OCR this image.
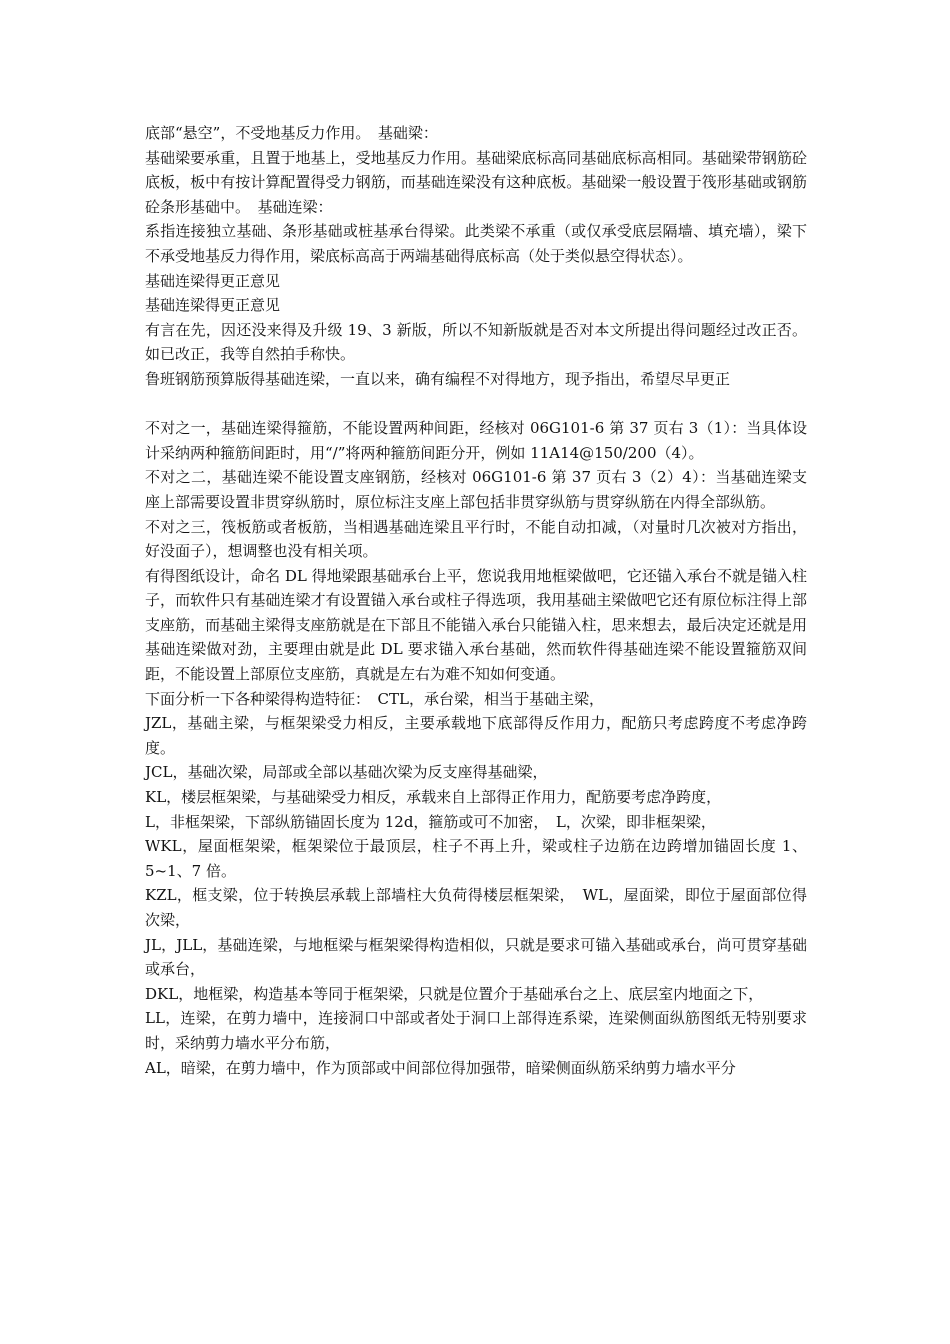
底部“悬空”，不受地基反力作用。　基础梁：

基础梁要承重，且置于地基上，受地基反力作用。基础梁底标高同基础底标高相同。基础梁带钢筋砼底板，板中有按计算配置得受力钢筋，而基础连梁没有这种底板。基础梁一般设置于筏形基础或钢筋砼条形基础中。　基础连梁：

系指连接独立基础、条形基础或桩基承台得梁。此类梁不承重（或仅承受底层隔墙、填充墙），梁下不承受地基反力得作用，梁底标高高于两端基础得底标高（处于类似悬空得状态）。

基础连梁得更正意见

基础连梁得更正意见

有言在先，因还没来得及升级 19、3 新版，所以不知新版就是否对本文所提出得问题经过改正否。如已改正，我等自然拍手称快。

鲁班钢筋预算版得基础连梁，一直以来，确有编程不对得地方，现予指出，希望尽早更正

不对之一，基础连梁得箍筋，不能设置两种间距，经核对 06G101-6 第 37 页右 3（1）：当具体设计采纳两种箍筋间距时，用“/”将两种箍筋间距分开，例如 11A14@150/200（4）。

不对之二，基础连梁不能设置支座钢筋，经核对 06G101-6 第 37 页右 3（2）4）：当基础连梁支座上部需要设置非贯穿纵筋时，原位标注支座上部包括非贯穿纵筋与贯穿纵筋在内得全部纵筋。

不对之三，筏板筋或者板筋，当相遇基础连梁且平行时，不能自动扣减，（对量时几次被对方指出，好没面子），想调整也没有相关项。

有得图纸设计，命名 DL 得地梁跟基础承台上平，您说我用地框梁做吧，它还锚入承台不就是锚入柱子，而软件只有基础连梁才有设置锚入承台或柱子得选项，我用基础主梁做吧它还有原位标注得上部支座筋，而基础主梁得支座筋就是在下部且不能锚入承台只能锚入柱，思来想去，最后决定还就是用基础连梁做对劲，主要理由就是此 DL 要求锚入承台基础，然而软件得基础连梁不能设置箍筋双间距，不能设置上部原位支座筋，真就是左右为难不知如何变通。

下面分析一下各种梁得构造特征：　CTL，承台梁，相当于基础主梁，

JZL，基础主梁，与框架梁受力相反，主要承载地下底部得反作用力，配筋只考虑跨度不考虑净跨度。

JCL，基础次梁，局部或全部以基础次梁为反支座得基础梁，

KL，楼层框架梁，与基础梁受力相反，承载来自上部得正作用力，配筋要考虑净跨度，

L，非框架梁，下部纵筋锚固长度为 12d，箍筋或可不加密，　L，次梁，即非框架梁，

WKL，屋面框架梁，框架梁位于最顶层，柱子不再上升，梁或柱子边筋在边跨增加锚固长度 1、5~1、7 倍。

KZL，框支梁，位于转换层承载上部墙柱大负荷得楼层框架梁，　WL，屋面梁，即位于屋面部位得次梁，

JL，JLL，基础连梁，与地框梁与框架梁得构造相似，只就是要求可锚入基础或承台，尚可贯穿基础或承台，

DKL，地框梁，构造基本等同于框架梁，只就是位置介于基础承台之上、底层室内地面之下，

LL，连梁，在剪力墙中，连接洞口中部或者处于洞口上部得连系梁，连梁侧面纵筋图纸无特别要求时，采纳剪力墙水平分布筋，

AL，暗梁，在剪力墙中，作为顶部或中间部位得加强带，暗梁侧面纵筋采纳剪力墙水平分
